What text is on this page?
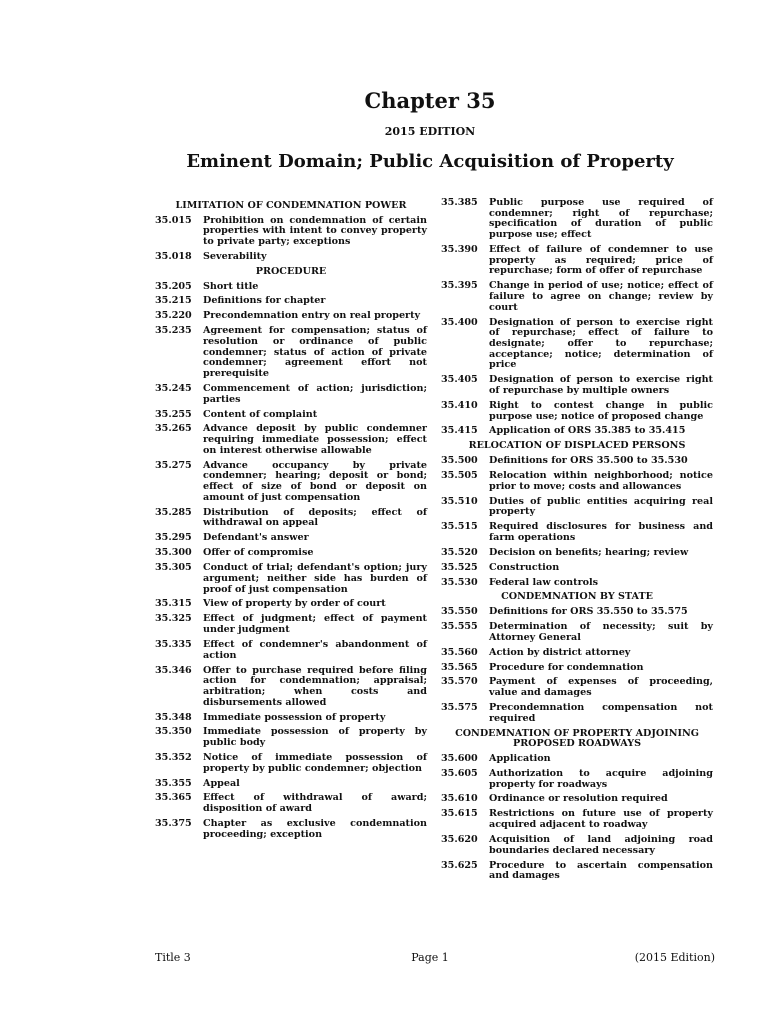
Chapter 35
2015 EDITION
Eminent Domain; Public Acquisition of Property
LIMITATION OF CONDEMNATION POWER
35.015	Prohibition on condemnation of certain properties with intent to convey property to private party; exceptions
35.018	Severability
PROCEDURE
35.205	Short title
35.215	Definitions for chapter
35.220	Precondemnation entry on real property
35.235	Agreement for compensation; status of resolution or ordinance of public condemner; status of action of private condemner; agreement effort not prerequisite
35.245	Commencement of action; jurisdiction; parties
35.255	Content of complaint
35.265	Advance deposit by public condemner requiring immediate possession; effect on interest otherwise allowable
35.275	Advance occupancy by private condemner; hearing; deposit or bond; effect of size of bond or deposit on amount of just compensation
35.285	Distribution of deposits; effect of withdrawal on appeal
35.295	Defendant's answer
35.300	Offer of compromise
35.305	Conduct of trial; defendant's option; jury argument; neither side has burden of proof of just compensation
35.315	View of property by order of court
35.325	Effect of judgment; effect of payment under judgment
35.335	Effect of condemner's abandonment of action
35.346	Offer to purchase required before filing action for condemnation; appraisal; arbitration; when costs and disbursements allowed
35.348	Immediate possession of property
35.350	Immediate possession of property by public body
35.352	Notice of immediate possession of property by public condemner; objection
35.355	Appeal
35.365	Effect of withdrawal of award; disposition of award
35.375	Chapter as exclusive condemnation proceeding; exception
35.385	Public purpose use required of condemner; right of repurchase; specification of duration of public purpose use; effect
35.390	Effect of failure of condemner to use property as required; price of repurchase; form of offer of repurchase
35.395	Change in period of use; notice; effect of failure to agree on change; review by court
35.400	Designation of person to exercise right of repurchase; effect of failure to designate; offer to repurchase; acceptance; notice; determination of price
35.405	Designation of person to exercise right of repurchase by multiple owners
35.410	Right to contest change in public purpose use; notice of proposed change
35.415	Application of ORS 35.385 to 35.415
RELOCATION OF DISPLACED PERSONS
35.500	Definitions for ORS 35.500 to 35.530
35.505	Relocation within neighborhood; notice prior to move; costs and allowances
35.510	Duties of public entities acquiring real property
35.515	Required disclosures for business and farm operations
35.520	Decision on benefits; hearing; review
35.525	Construction
35.530	Federal law controls
CONDEMNATION BY STATE
35.550	Definitions for ORS 35.550 to 35.575
35.555	Determination of necessity; suit by Attorney General
35.560	Action by district attorney
35.565	Procedure for condemnation
35.570	Payment of expenses of proceeding, value and damages
35.575	Precondemnation compensation not required
CONDEMNATION OF PROPERTY ADJOINING PROPOSED ROADWAYS
35.600	Application
35.605	Authorization to acquire adjoining property for roadways
35.610	Ordinance or resolution required
35.615	Restrictions on future use of property acquired adjacent to roadway
35.620	Acquisition of land adjoining road boundaries declared necessary
35.625	Procedure to ascertain compensation and damages
Title 3	Page 1	(2015 Edition)
